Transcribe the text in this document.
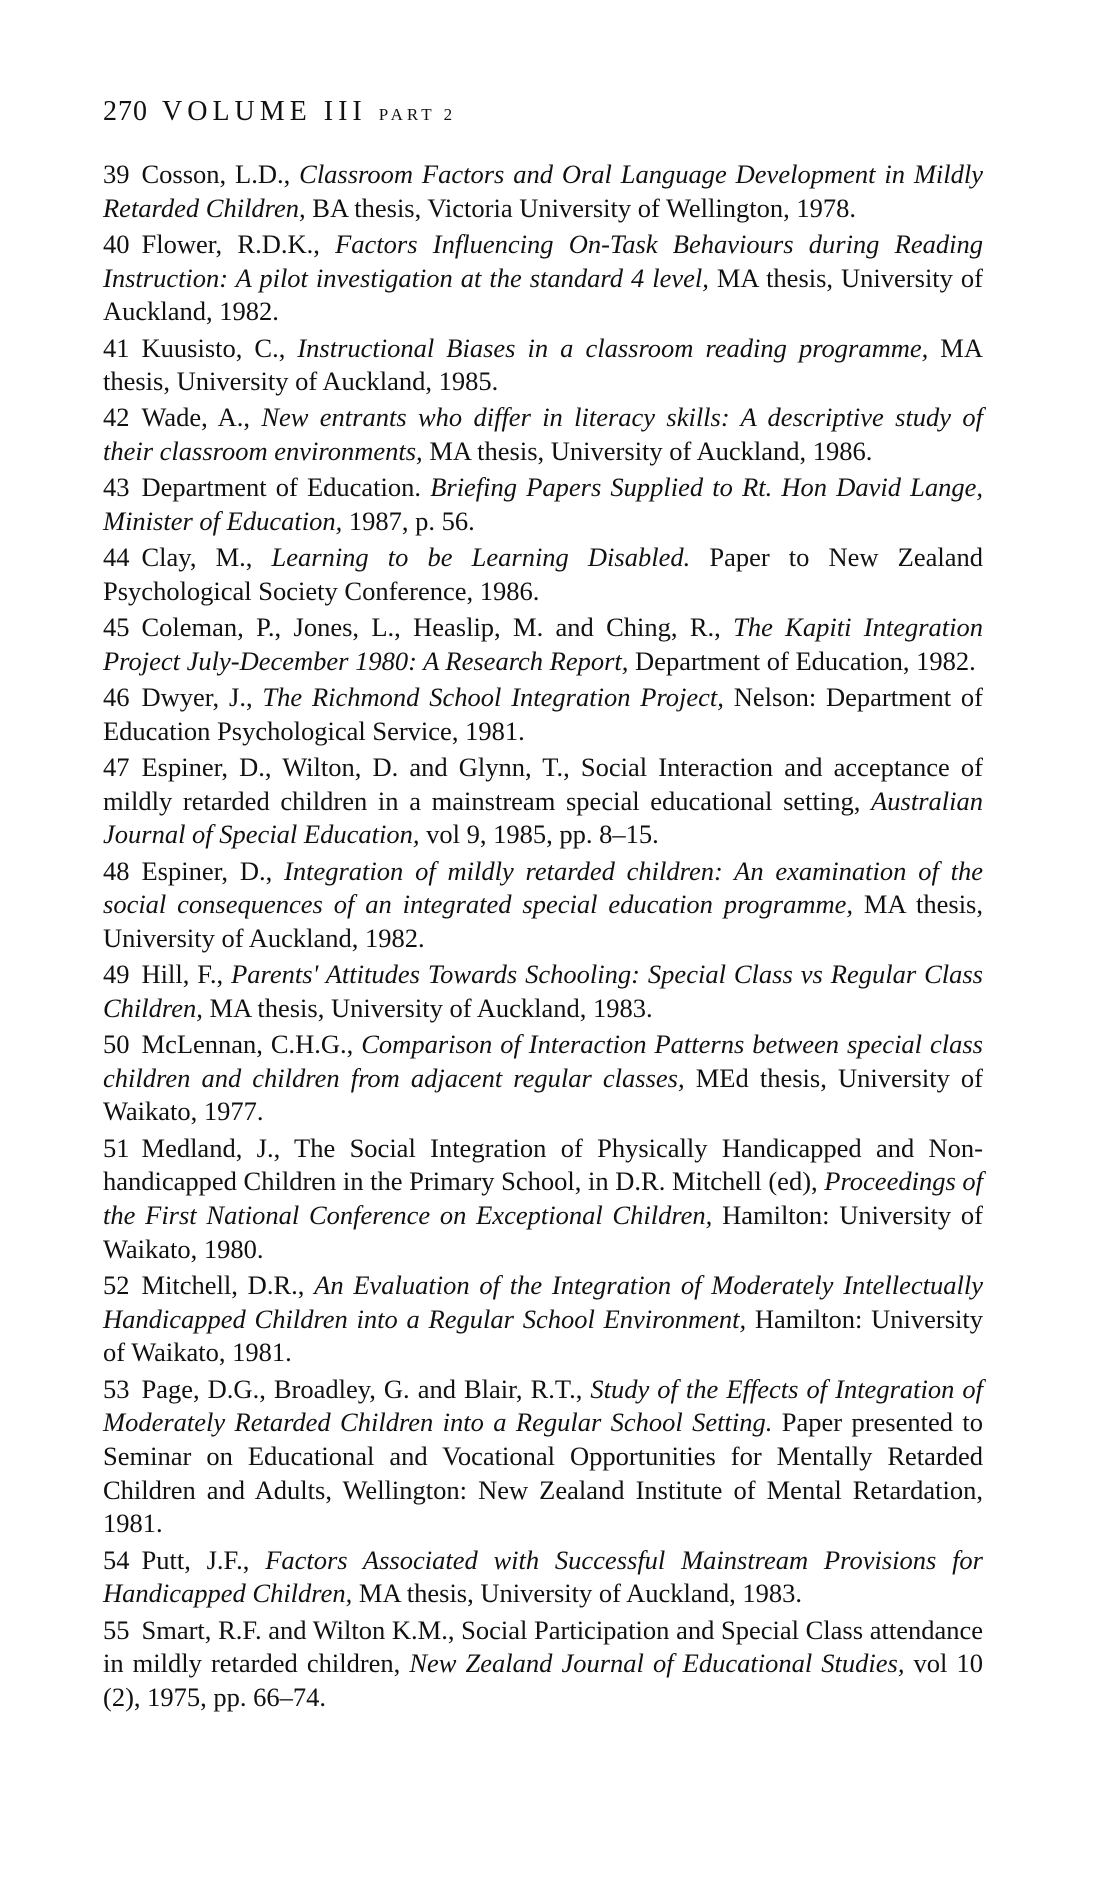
270 VOLUME III PART 2

39 Cosson, L.D., Classroom Factors and Oral Language Development in Mildly Retarded Children, BA thesis, Victoria University of Wellington, 1978.

40 Flower, R.D.K., Factors Influencing On-Task Behaviours during Reading Instruction: A pilot investigation at the standard 4 level, MA thesis, University of Auckland, 1982.

41 Kuusisto, C., Instructional Biases in a classroom reading programme, MA thesis, University of Auckland, 1985.

42 Wade, A., New entrants who differ in literacy skills: A descriptive study of their classroom environments, MA thesis, University of Auckland, 1986.

43 Department of Education. Briefing Papers Supplied to Rt. Hon David Lange, Minister of Education, 1987, p. 56.

44 Clay, M., Learning to be Learning Disabled. Paper to New Zealand Psychological Society Conference, 1986.

45 Coleman, P., Jones, L., Heaslip, M. and Ching, R., The Kapiti Integration Project July-December 1980: A Research Report, Department of Education, 1982.

46 Dwyer, J., The Richmond School Integration Project, Nelson: Department of Education Psychological Service, 1981.

47 Espiner, D., Wilton, D. and Glynn, T., Social Interaction and acceptance of mildly retarded children in a mainstream special educational setting, Australian Journal of Special Education, vol 9, 1985, pp. 8–15.

48 Espiner, D., Integration of mildly retarded children: An examination of the social consequences of an integrated special education programme, MA thesis, University of Auckland, 1982.

49 Hill, F., Parents' Attitudes Towards Schooling: Special Class vs Regular Class Children, MA thesis, University of Auckland, 1983.

50 McLennan, C.H.G., Comparison of Interaction Patterns between special class children and children from adjacent regular classes, MEd thesis, University of Waikato, 1977.

51 Medland, J., The Social Integration of Physically Handicapped and Non-handicapped Children in the Primary School, in D.R. Mitchell (ed), Proceedings of the First National Conference on Exceptional Children, Hamilton: University of Waikato, 1980.

52 Mitchell, D.R., An Evaluation of the Integration of Moderately Intellectually Handicapped Children into a Regular School Environment, Hamilton: University of Waikato, 1981.

53 Page, D.G., Broadley, G. and Blair, R.T., Study of the Effects of Integration of Moderately Retarded Children into a Regular School Setting. Paper presented to Seminar on Educational and Vocational Opportunities for Mentally Retarded Children and Adults, Wellington: New Zealand Institute of Mental Retardation, 1981.

54 Putt, J.F., Factors Associated with Successful Mainstream Provisions for Handicapped Children, MA thesis, University of Auckland, 1983.

55 Smart, R.F. and Wilton K.M., Social Participation and Special Class attendance in mildly retarded children, New Zealand Journal of Educational Studies, vol 10 (2), 1975, pp. 66–74.
